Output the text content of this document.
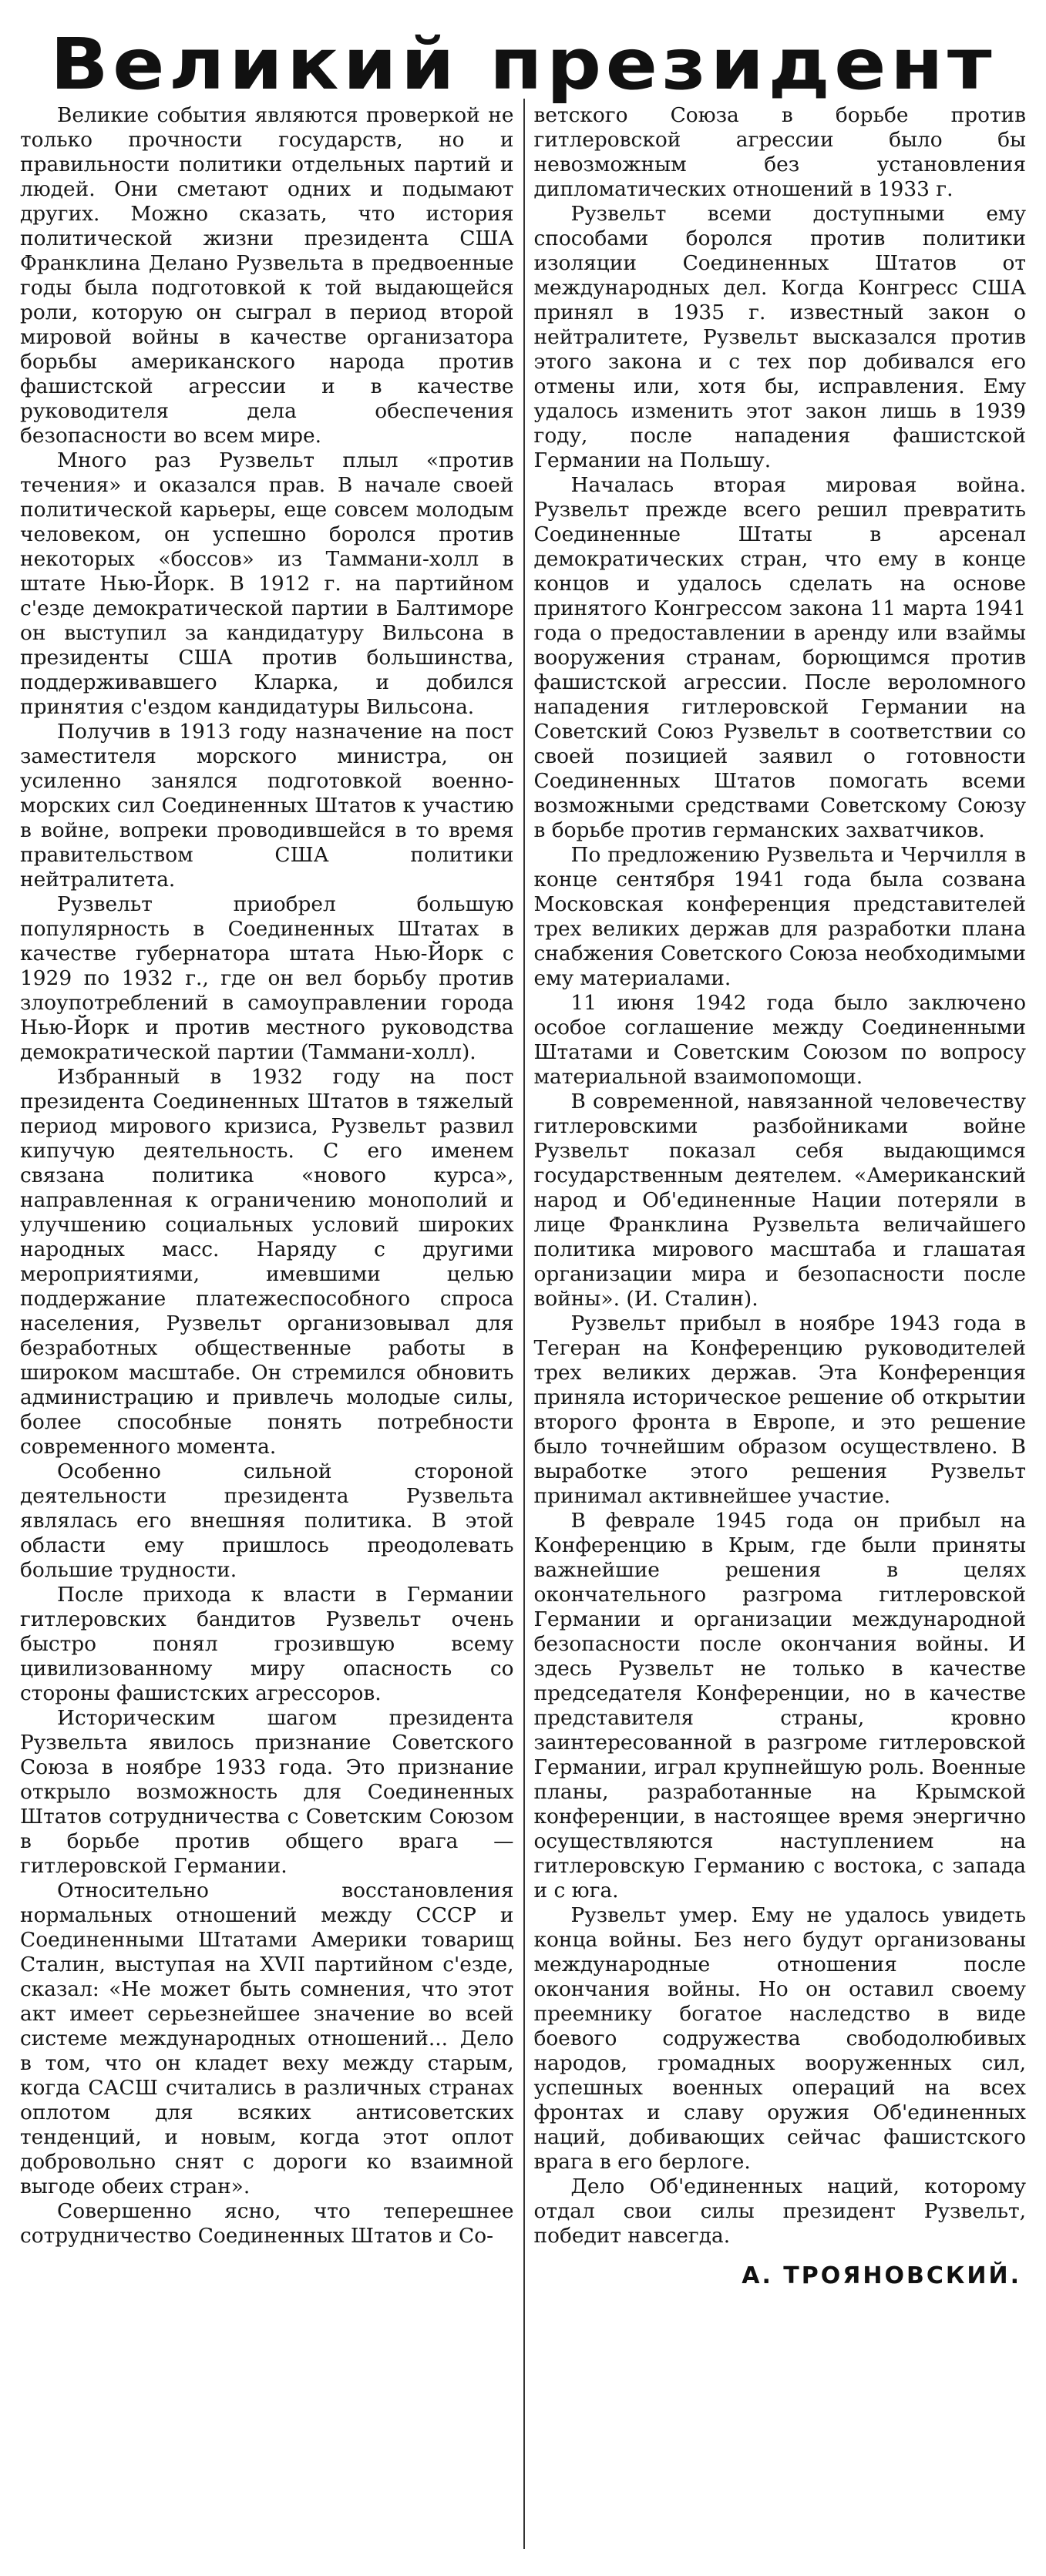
Великий президент

Великие события являются проверкой не только прочности государств, но и правильности политики отдельных партий и людей. Они сметают одних и подымают других. Можно сказать, что история политической жизни президента США Франклина Делано Рузвельта в предвоенные годы была подготовкой к той выдающейся роли, которую он сыграл в период второй мировой войны в качестве организатора борьбы американского народа против фашистской агрессии и в качестве руководителя дела обеспечения безопасности во всем мире.

Много раз Рузвельт плыл «против течения» и оказался прав. В начале своей политической карьеры, еще совсем молодым человеком, он успешно боролся против некоторых «боссов» из Таммани-холл в штате Нью-Йорк. В 1912 г. на партийном с'езде демократической партии в Балтиморе он выступил за кандидатуру Вильсона в президенты США против большинства, поддерживавшего Кларка, и добился принятия с'ездом кандидатуры Вильсона.

Получив в 1913 году назначение на пост заместителя морского министра, он усиленно занялся подготовкой военно-морских сил Соединенных Штатов к участию в войне, вопреки проводившейся в то время правительством США политики нейтралитета.

Рузвельт приобрел большую популярность в Соединенных Штатах в качестве губернатора штата Нью-Йорк с 1929 по 1932 г., где он вел борьбу против злоупотреблений в самоуправлении города Нью-Йорк и против местного руководства демократической партии (Таммани-холл).

Избранный в 1932 году на пост президента Соединенных Штатов в тяжелый период мирового кризиса, Рузвельт развил кипучую деятельность. С его именем связана политика «нового курса», направленная к ограничению монополий и улучшению социальных условий широких народных масс. Наряду с другими мероприятиями, имевшими целью поддержание платежеспособного спроса населения, Рузвельт организовывал для безработных общественные работы в широком масштабе. Он стремился обновить администрацию и привлечь молодые силы, более способные понять потребности современного момента.

Особенно сильной стороной деятельности президента Рузвельта являлась его внешняя политика. В этой области ему пришлось преодолевать большие трудности.

После прихода к власти в Германии гитлеровских бандитов Рузвельт очень быстро понял грозившую всему цивилизованному миру опасность со стороны фашистских агрессоров.

Историческим шагом президента Рузвельта явилось признание Советского Союза в ноябре 1933 года. Это признание открыло возможность для Соединенных Штатов сотрудничества с Советским Союзом в борьбе против общего врага — гитлеровской Германии.

Относительно восстановления нормальных отношений между СССР и Соединенными Штатами Америки товарищ Сталин, выступая на XVII партийном с'езде, сказал: «Не может быть сомнения, что этот акт имеет серьезнейшее значение во всей системе международных отношений... Дело в том, что он кладет веху между старым, когда САСШ считались в различных странах оплотом для всяких антисоветских тенденций, и новым, когда этот оплот добровольно снят с дороги ко взаимной выгоде обеих стран».

Совершенно ясно, что теперешнее сотрудничество Соединенных Штатов и Со-

ветского Союза в борьбе против гитлеровской агрессии было бы невозможным без установления дипломатических отношений в 1933 г.

Рузвельт всеми доступными ему способами боролся против политики изоляции Соединенных Штатов от международных дел. Когда Конгресс США принял в 1935 г. известный закон о нейтралитете, Рузвельт высказался против этого закона и с тех пор добивался его отмены или, хотя бы, исправления. Ему удалось изменить этот закон лишь в 1939 году, после нападения фашистской Германии на Польшу.

Началась вторая мировая война. Рузвельт прежде всего решил превратить Соединенные Штаты в арсенал демократических стран, что ему в конце концов и удалось сделать на основе принятого Конгрессом закона 11 марта 1941 года о предоставлении в аренду или взаймы вооружения странам, борющимся против фашистской агрессии. После вероломного нападения гитлеровской Германии на Советский Союз Рузвельт в соответствии со своей позицией заявил о готовности Соединенных Штатов помогать всеми возможными средствами Советскому Союзу в борьбе против германских захватчиков.

По предложению Рузвельта и Черчилля в конце сентября 1941 года была созвана Московская конференция представителей трех великих держав для разработки плана снабжения Советского Союза необходимыми ему материалами.

11 июня 1942 года было заключено особое соглашение между Соединенными Штатами и Советским Союзом по вопросу материальной взаимопомощи.

В современной, навязанной человечеству гитлеровскими разбойниками войне Рузвельт показал себя выдающимся государственным деятелем. «Американский народ и Об'единенные Нации потеряли в лице Франклина Рузвельта величайшего политика мирового масштаба и глашатая организации мира и безопасности после войны». (И. Сталин).

Рузвельт прибыл в ноябре 1943 года в Тегеран на Конференцию руководителей трех великих держав. Эта Конференция приняла историческое решение об открытии второго фронта в Европе, и это решение было точнейшим образом осуществлено. В выработке этого решения Рузвельт принимал активнейшее участие.

В феврале 1945 года он прибыл на Конференцию в Крым, где были приняты важнейшие решения в целях окончательного разгрома гитлеровской Германии и организации международной безопасности после окончания войны. И здесь Рузвельт не только в качестве председателя Конференции, но в качестве представителя страны, кровно заинтересованной в разгроме гитлеровской Германии, играл крупнейшую роль. Военные планы, разработанные на Крымской конференции, в настоящее время энергично осуществляются наступлением на гитлеровскую Германию с востока, с запада и с юга.

Рузвельт умер. Ему не удалось увидеть конца войны. Без него будут организованы международные отношения после окончания войны. Но он оставил своему преемнику богатое наследство в виде боевого содружества свободолюбивых народов, громадных вооруженных сил, успешных военных операций на всех фронтах и славу оружия Об'единенных наций, добивающих сейчас фашистского врага в его берлоге.

Дело Об'единенных наций, которому отдал свои силы президент Рузвельт, победит навсегда.

А. ТРОЯНОВСКИЙ.
